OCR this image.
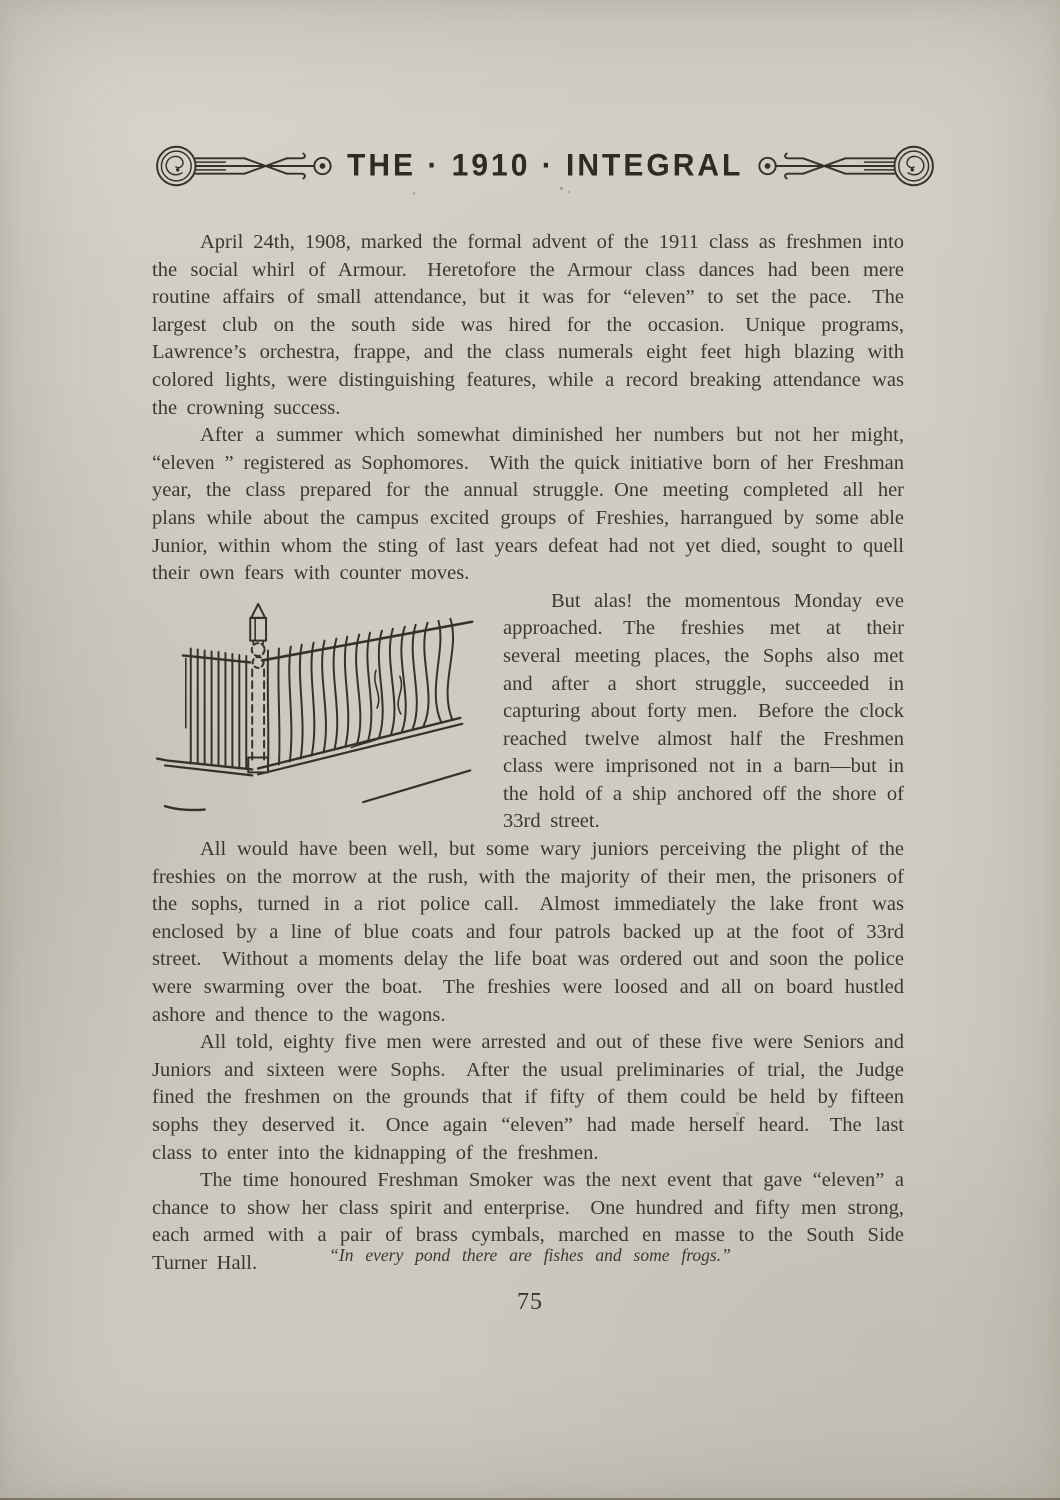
THE · 1910 · INTEGRAL

April 24th, 1908, marked the formal advent of the 1911 class as freshmen into the social whirl of Armour.  Heretofore the Armour class dances had been mere routine affairs of small attendance, but it was for “eleven” to set the pace.  The largest club on the south side was hired for the occasion.  Unique programs, Lawrence’s orchestra, frappe, and the class numerals eight feet high blazing with colored lights, were distinguishing features, while a record breaking attendance was the crowning success.

After a summer which somewhat diminished her numbers but not her might, “eleven ” registered as Sophomores.  With the quick initiative born of her Freshman year, the class prepared for the annual struggle. One meeting completed all her plans while about the campus excited groups of Freshies, harrangued by some able Junior, within whom the sting of last years defeat had not yet died, sought to quell their own fears with counter moves.

But alas! the momentous Monday eve approached.  The freshies met at their several meeting places, the Sophs also met and after a short struggle, succeeded in capturing about forty men.  Before the clock reached twelve almost half the Freshmen class were imprisoned not in a barn—but in the hold of a ship anchored off the shore of 33rd street.

All would have been well, but some wary juniors perceiving the plight of the freshies on the morrow at the rush, with the majority of their men, the prisoners of the sophs, turned in a riot police call.  Almost immediately the lake front was enclosed by a line of blue coats and four patrols backed up at the foot of 33rd street.  Without a moments delay the life boat was ordered out and soon the police were swarming over the boat.  The freshies were loosed and all on board hustled ashore and thence to the wagons.

All told, eighty five men were arrested and out of these five were Seniors and Juniors and sixteen were Sophs.  After the usual preliminaries of trial, the Judge fined the freshmen on the grounds that if fifty of them could be held by fifteen sophs they deserved it.  Once again “eleven” had made herself heard.  The last class to enter into the kidnapping of the freshmen.

The time honoured Freshman Smoker was the next event that gave “eleven” a chance to show her class spirit and enterprise.  One hundred and fifty men strong, each armed with a pair of brass cymbals, marched en masse to the South Side Turner Hall.	“In every pond there are fishes and some frogs.”
75
